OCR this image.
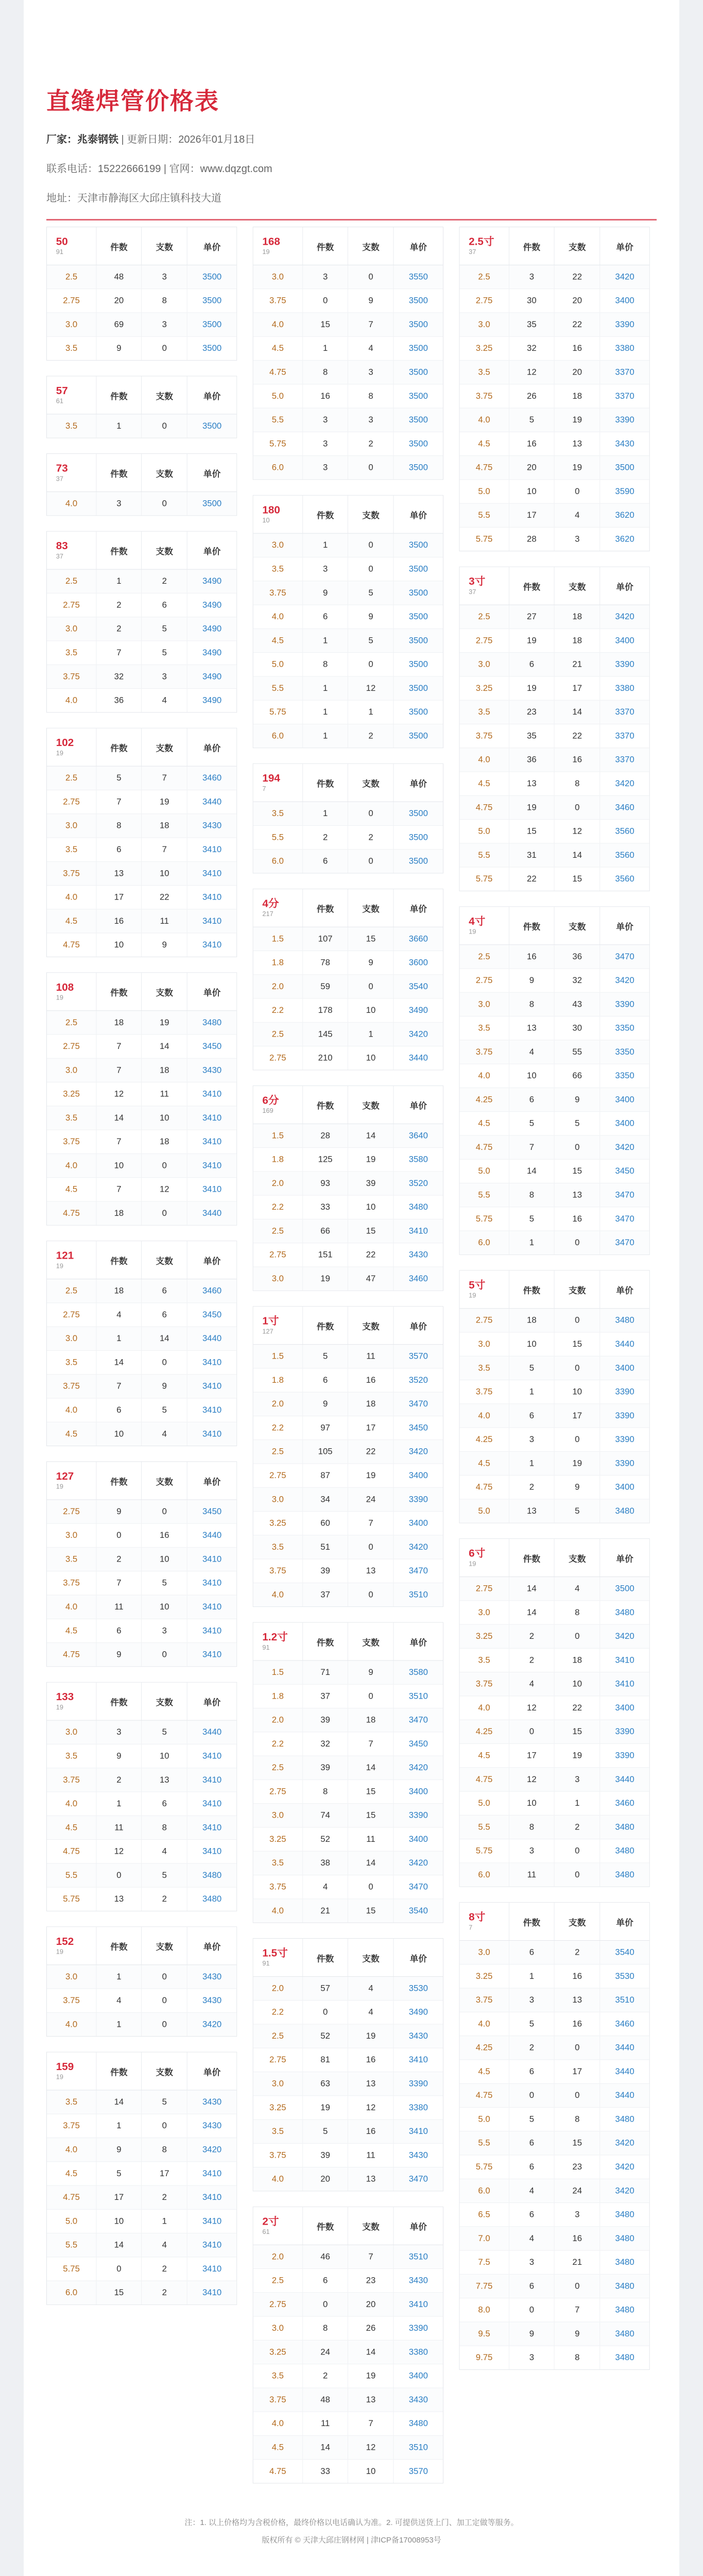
直缝焊管价格表
厂家：兆泰钢铁 | 更新日期：2026年01月18日
联系电话：15222666199 | 官网：www.dqzgt.com
地址：天津市静海区大邱庄镇科技大道
50
91	件数	支数	单价
2.5	48	3	3500
2.75	20	8	3500
3.0	69	3	3500
3.5	9	0	3500
57
61	件数	支数	单价
3.5	1	0	3500
73
37	件数	支数	单价
4.0	3	0	3500
83
37	件数	支数	单价
2.5	1	2	3490
2.75	2	6	3490
3.0	2	5	3490
3.5	7	5	3490
3.75	32	3	3490
4.0	36	4	3490
102
19	件数	支数	单价
2.5	5	7	3460
2.75	7	19	3440
3.0	8	18	3430
3.5	6	7	3410
3.75	13	10	3410
4.0	17	22	3410
4.5	16	11	3410
4.75	10	9	3410
108
19	件数	支数	单价
2.5	18	19	3480
2.75	7	14	3450
3.0	7	18	3430
3.25	12	11	3410
3.5	14	10	3410
3.75	7	18	3410
4.0	10	0	3410
4.5	7	12	3410
4.75	18	0	3440
121
19	件数	支数	单价
2.5	18	6	3460
2.75	4	6	3450
3.0	1	14	3440
3.5	14	0	3410
3.75	7	9	3410
4.0	6	5	3410
4.5	10	4	3410
127
19	件数	支数	单价
2.75	9	0	3450
3.0	0	16	3440
3.5	2	10	3410
3.75	7	5	3410
4.0	11	10	3410
4.5	6	3	3410
4.75	9	0	3410
133
19	件数	支数	单价
3.0	3	5	3440
3.5	9	10	3410
3.75	2	13	3410
4.0	1	6	3410
4.5	11	8	3410
4.75	12	4	3410
5.5	0	5	3480
5.75	13	2	3480
152
19	件数	支数	单价
3.0	1	0	3430
3.75	4	0	3430
4.0	1	0	3420
159
19	件数	支数	单价
3.5	14	5	3430
3.75	1	0	3430
4.0	9	8	3420
4.5	5	17	3410
4.75	17	2	3410
5.0	10	1	3410
5.5	14	4	3410
5.75	0	2	3410
6.0	15	2	3410
168
19	件数	支数	单价
3.0	3	0	3550
3.75	0	9	3500
4.0	15	7	3500
4.5	1	4	3500
4.75	8	3	3500
5.0	16	8	3500
5.5	3	3	3500
5.75	3	2	3500
6.0	3	0	3500
180
10	件数	支数	单价
3.0	1	0	3500
3.5	3	0	3500
3.75	9	5	3500
4.0	6	9	3500
4.5	1	5	3500
5.0	8	0	3500
5.5	1	12	3500
5.75	1	1	3500
6.0	1	2	3500
194
7	件数	支数	单价
3.5	1	0	3500
5.5	2	2	3500
6.0	6	0	3500
4分
217	件数	支数	单价
1.5	107	15	3660
1.8	78	9	3600
2.0	59	0	3540
2.2	178	10	3490
2.5	145	1	3420
2.75	210	10	3440
6分
169	件数	支数	单价
1.5	28	14	3640
1.8	125	19	3580
2.0	93	39	3520
2.2	33	10	3480
2.5	66	15	3410
2.75	151	22	3430
3.0	19	47	3460
1寸
127	件数	支数	单价
1.5	5	11	3570
1.8	6	16	3520
2.0	9	18	3470
2.2	97	17	3450
2.5	105	22	3420
2.75	87	19	3400
3.0	34	24	3390
3.25	60	7	3400
3.5	51	0	3420
3.75	39	13	3470
4.0	37	0	3510
1.2寸
91	件数	支数	单价
1.5	71	9	3580
1.8	37	0	3510
2.0	39	18	3470
2.2	32	7	3450
2.5	39	14	3420
2.75	8	15	3400
3.0	74	15	3390
3.25	52	11	3400
3.5	38	14	3420
3.75	4	0	3470
4.0	21	15	3540
1.5寸
91	件数	支数	单价
2.0	57	4	3530
2.2	0	4	3490
2.5	52	19	3430
2.75	81	16	3410
3.0	63	13	3390
3.25	19	12	3380
3.5	5	16	3410
3.75	39	11	3430
4.0	20	13	3470
2寸
61	件数	支数	单价
2.0	46	7	3510
2.5	6	23	3430
2.75	0	20	3410
3.0	8	26	3390
3.25	24	14	3380
3.5	2	19	3400
3.75	48	13	3430
4.0	11	7	3480
4.5	14	12	3510
4.75	33	10	3570
2.5寸
37	件数	支数	单价
2.5	3	22	3420
2.75	30	20	3400
3.0	35	22	3390
3.25	32	16	3380
3.5	12	20	3370
3.75	26	18	3370
4.0	5	19	3390
4.5	16	13	3430
4.75	20	19	3500
5.0	10	0	3590
5.5	17	4	3620
5.75	28	3	3620
3寸
37	件数	支数	单价
2.5	27	18	3420
2.75	19	18	3400
3.0	6	21	3390
3.25	19	17	3380
3.5	23	14	3370
3.75	35	22	3370
4.0	36	16	3370
4.5	13	8	3420
4.75	19	0	3460
5.0	15	12	3560
5.5	31	14	3560
5.75	22	15	3560
4寸
19	件数	支数	单价
2.5	16	36	3470
2.75	9	32	3420
3.0	8	43	3390
3.5	13	30	3350
3.75	4	55	3350
4.0	10	66	3350
4.25	6	9	3400
4.5	5	5	3400
4.75	7	0	3420
5.0	14	15	3450
5.5	8	13	3470
5.75	5	16	3470
6.0	1	0	3470
5寸
19	件数	支数	单价
2.75	18	0	3480
3.0	10	15	3440
3.5	5	0	3400
3.75	1	10	3390
4.0	6	17	3390
4.25	3	0	3390
4.5	1	19	3390
4.75	2	9	3400
5.0	13	5	3480
6寸
19	件数	支数	单价
2.75	14	4	3500
3.0	14	8	3480
3.25	2	0	3420
3.5	2	18	3410
3.75	4	10	3410
4.0	12	22	3400
4.25	0	15	3390
4.5	17	19	3390
4.75	12	3	3440
5.0	10	1	3460
5.5	8	2	3480
5.75	3	0	3480
6.0	11	0	3480
8寸
7	件数	支数	单价
3.0	6	2	3540
3.25	1	16	3530
3.75	3	13	3510
4.0	5	16	3460
4.25	2	0	3440
4.5	6	17	3440
4.75	0	0	3440
5.0	5	8	3480
5.5	6	15	3420
5.75	6	23	3420
6.0	4	24	3420
6.5	6	3	3480
7.0	4	16	3480
7.5	3	21	3480
7.75	6	0	3480
8.0	0	7	3480
9.5	9	9	3480
9.75	3	8	3480
注：1. 以上价格均为含税价格，最终价格以电话确认为准。2. 可提供送货上门、加工定做等服务。
版权所有 © 天津大邱庄钢材网 | 津ICP备17008953号
